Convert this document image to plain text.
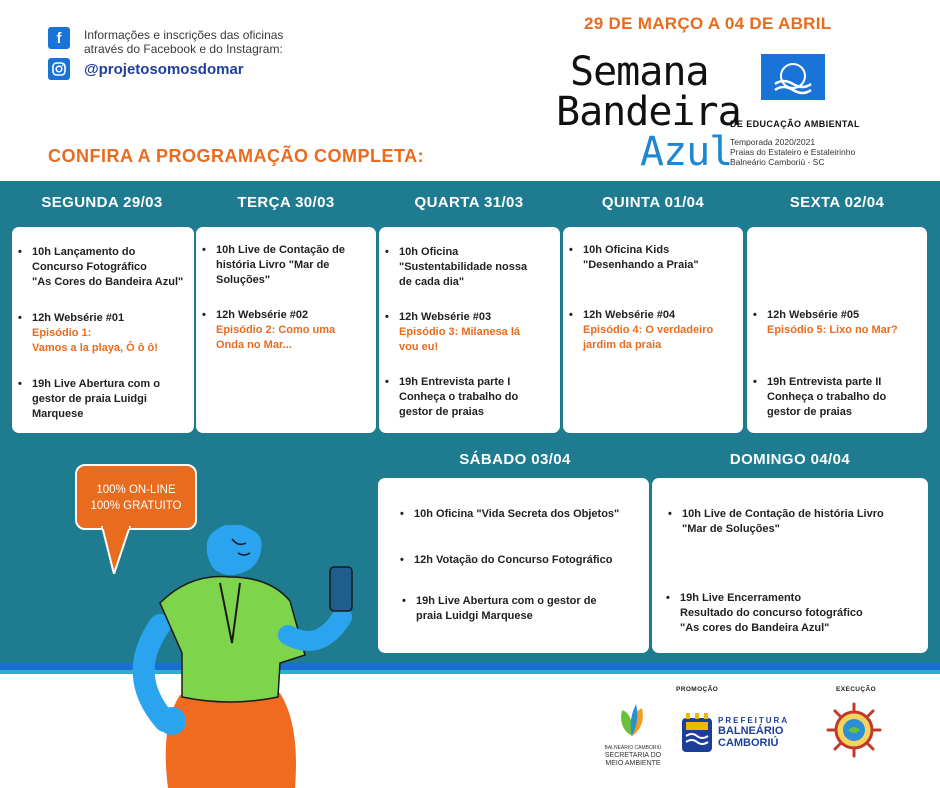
f	Informações e inscrições das oficinas através do Facebook e do Instagram:
@projetosomosdomar
29 DE MARÇO A 04 DE ABRIL
Semana
Bandeira
Azul
DE EDUCAÇÃO AMBIENTAL
Temporada 2020/2021
Praias do Estaleiro e Estaleirinho
Balneário Camboriú - SC
CONFIRA A PROGRAMAÇÃO COMPLETA:
SEGUNDA 29/03	TERÇA 30/03	QUARTA 31/03	QUINTA 01/04	SEXTA 02/04
• 10h Lançamento do
Concurso Fotográfico
"As Cores do Bandeira Azul"
• 12h Websérie #01
Episódio 1:
Vamos a la playa, Ô ô ô!
• 19h Live Abertura com o
gestor de praia Luidgi
Marquese
• 10h Live de Contação de
história Livro "Mar de
Soluções"
• 12h Websérie #02
Episódio 2: Como uma
Onda no Mar...
• 10h Oficina
"Sustentabilidade nossa
de cada dia"
• 12h Websérie #03
Episódio 3: Milanesa lá
vou eu!
• 19h Entrevista parte I
Conheça o trabalho do
gestor de praias
• 10h Oficina Kids
"Desenhando a Praia"
• 12h Websérie #04
Episódio 4: O verdadeiro
jardim da praia
• 12h Websérie #05
Episódio 5: Lixo no Mar?
• 19h Entrevista parte II
Conheça o trabalho do
gestor de praias
SÁBADO 03/04	DOMINGO 04/04
• 10h Oficina "Vida Secreta dos Objetos"
• 12h Votação do Concurso Fotográfico
• 19h Live Abertura com o gestor de
praia Luidgi Marquese
• 10h Live de Contação de história Livro
"Mar de Soluções"
• 19h Live Encerramento
Resultado do concurso fotográfico
"As cores do Bandeira Azul"
100% ON-LINE
100% GRATUITO
PROMOÇÃO	EXECUÇÃO
BALNEÁRIO CAMBORIÚ
SECRETARIA DO
MEIO AMBIENTE
PREFEITURA
BALNEÁRIO
CAMBORIÚ
